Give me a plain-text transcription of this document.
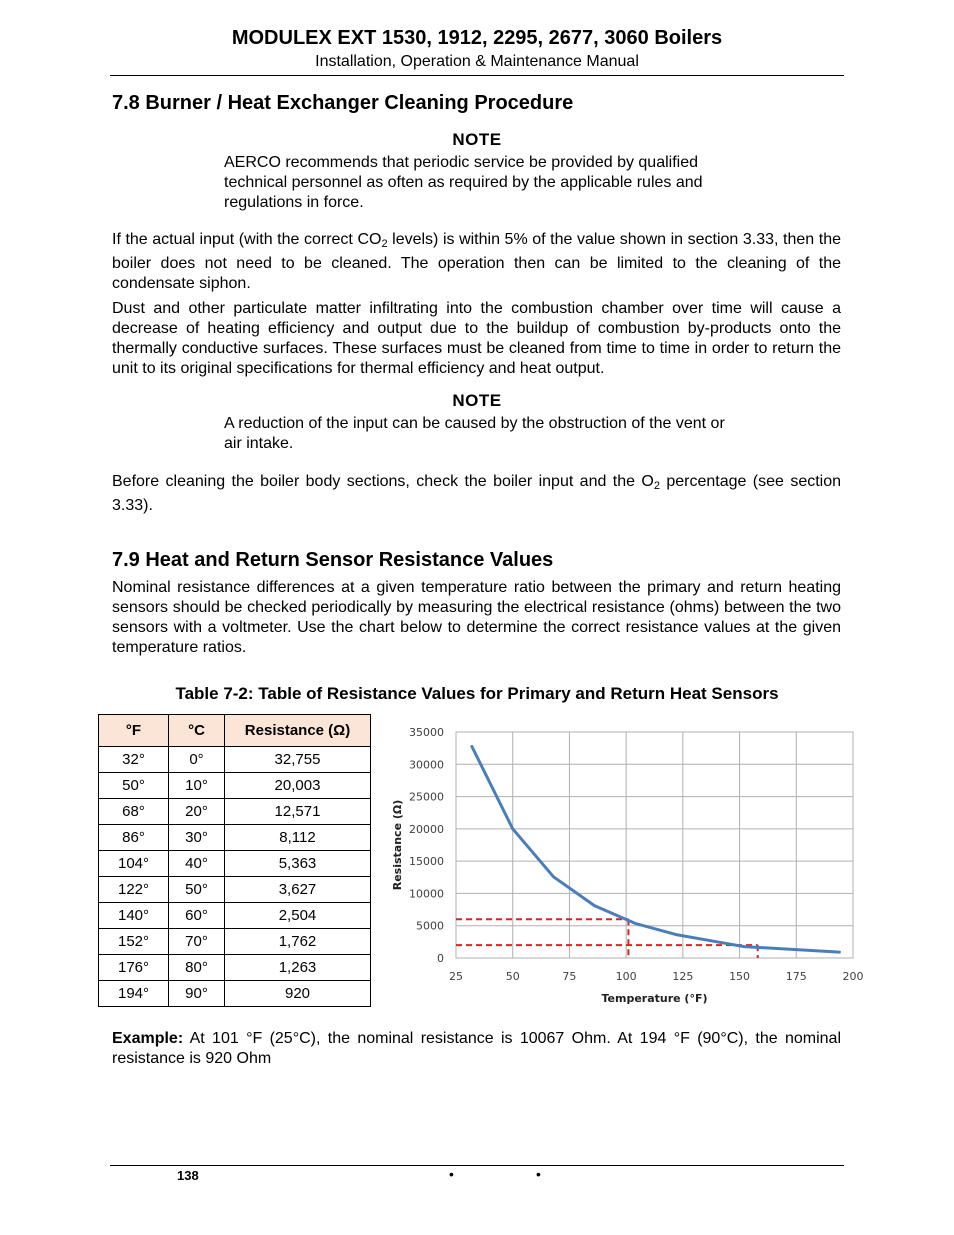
MODULEX EXT 1530, 1912, 2295, 2677, 3060 Boilers
Installation, Operation & Maintenance Manual
7.8 Burner / Heat Exchanger Cleaning Procedure
NOTE
AERCO recommends that periodic service be provided by qualified technical personnel as often as required by the applicable rules and regulations in force.
If the actual input (with the correct $CO_2$ levels) is within 5% of the value shown in section 3.33, then the boiler does not need to be cleaned. The operation then can be limited to the cleaning of the condensate siphon.
Dust and other particulate matter infiltrating into the combustion chamber over time will cause a decrease of heating efficiency and output due to the buildup of combustion by-products onto the thermally conductive surfaces. These surfaces must be cleaned from time to time in order to return the unit to its original specifications for thermal efficiency and heat output.
NOTE
A reduction of the input can be caused by the obstruction of the vent or air intake.
Before cleaning the boiler body sections, check the boiler input and the $O_2$ percentage (see section 3.33).
7.9 Heat and Return Sensor Resistance Values
Nominal resistance differences at a given temperature ratio between the primary and return heating sensors should be checked periodically by measuring the electrical resistance (ohms) between the two sensors with a voltmeter. Use the chart below to determine the correct resistance values at the given temperature ratios.
Table 7-2: Table of Resistance Values for Primary and Return Heat Sensors
°F	°C	Resistance (Ω)
32°	0°	32,755
50°	10°	20,003
68°	20°	12,571
86°	30°	8,112
104°	40°	5,363
122°	50°	3,627
140°	60°	2,504
152°	70°	1,762
176°	80°	1,263
194°	90°	920
25	50	75	100	125	150	175	200
0
5000
10000
15000
20000
25000
30000
35000
Temperature (°F)
Resistance (Ω)
Example: At 101 °F (25°C), the nominal resistance is 10067 Ohm. At 194 °F (90°C), the nominal resistance is 920 Ohm
138	•	•
